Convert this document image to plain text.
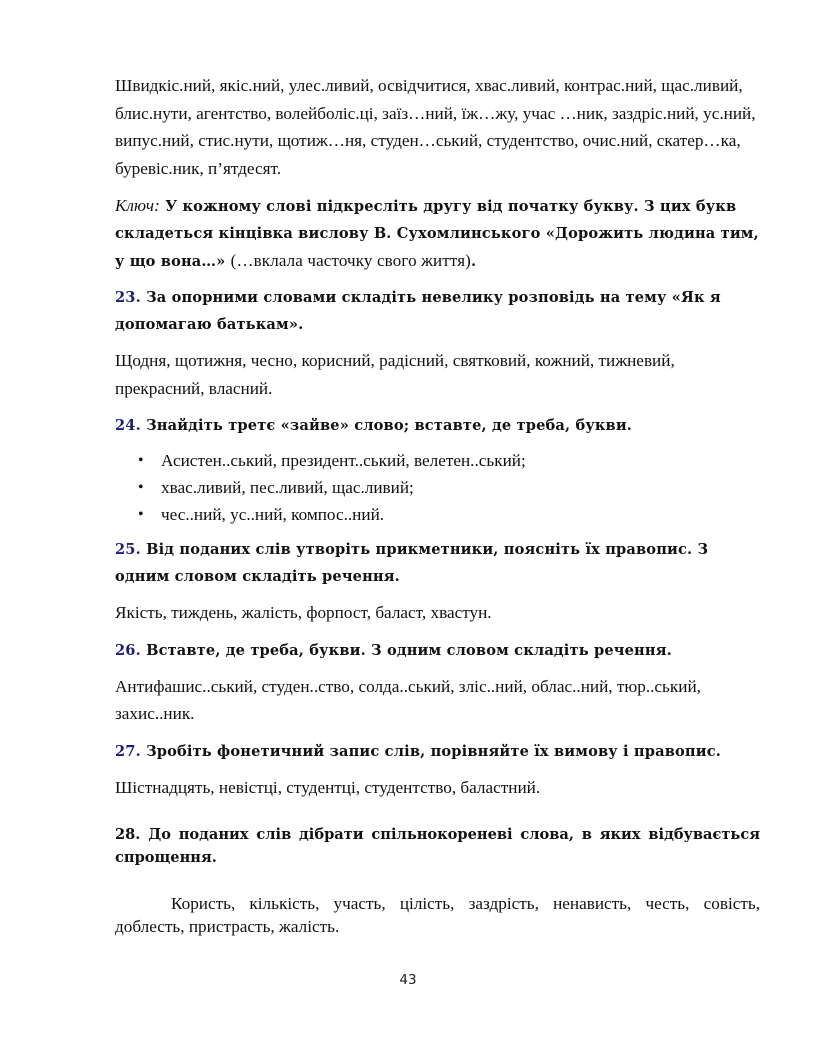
Швидкіс.ний, якіс.ний, улес.ливий, освідчитися, хвас.ливий, контрас.ний, щас.ливий, блис.нути, агентство, волейболіс.ці, заїз…ний, їж…жу, учас …ник, заздріс.ний, ус.ний, випус.ний, стис.нути, щотиж…ня, студен…ський, студентство, очис.ний, скатер…ка, буревіс.ник, п’ятдесят.

Ключ: У кожному слові підкресліть другу від початку букву. З цих букв складеться кінцівка вислову В. Сухомлинського «Дорожить людина тим, у що вона…» (…вклала часточку свого життя).

23. За опорними словами складіть невелику розповідь на тему «Як я допомагаю батькам».

Щодня, щотижня, чесно, корисний, радісний, святковий, кожний, тижневий, прекрасний, власний.

24. Знайдіть третє «зайве» слово; вставте, де треба, букви.

• Асистен..ський, президент..ський, велетен..ський;
• хвас.ливий, пес.ливий, щас.ливий;
• чес..ний, ус..ний, компос..ний.

25. Від поданих слів утворіть прикметники, поясніть їх правопис. З одним словом складіть речення.

Якість, тиждень, жалість, форпост, баласт, хвастун.

26. Вставте, де треба, букви. З одним словом складіть речення.

Антифашис..ський, студен..ство, солда..ський, зліс..ний, облас..ний, тюр..ський, захис..ник.

27. Зробіть фонетичний запис слів, порівняйте їх вимову і правопис.

Шістнадцять, невістці, студентці, студентство, баластний.

28. До поданих слів дібрати спільнокореневі слова, в яких відбувається спрощення.

Користь, кількість, участь, цілість, заздрість, ненависть, честь, совість, доблесть, пристрасть, жалість.

43
